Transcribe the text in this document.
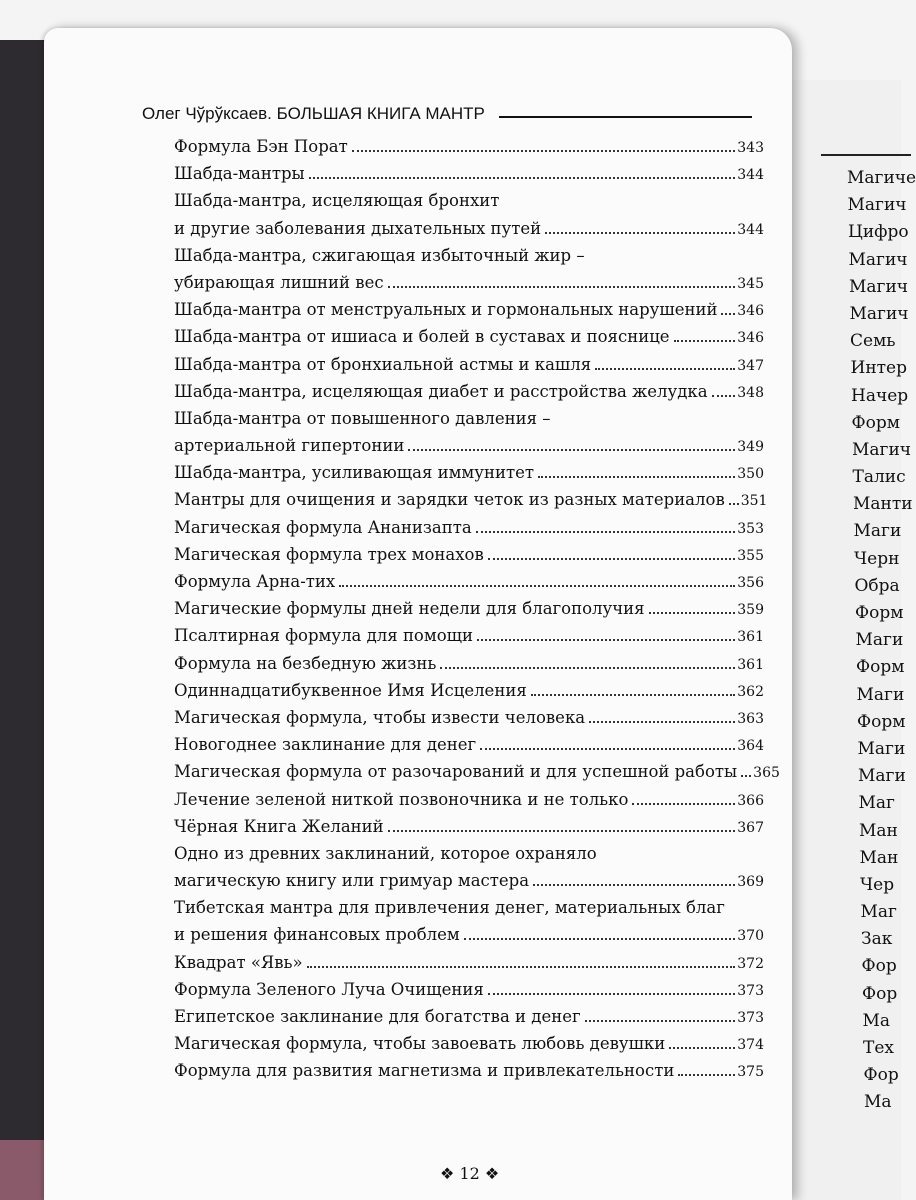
Магиче
Магич
Цифро
Магич
Магич
Магич
Семь
Интер
Начер
Форм
Магич
Талис
Манти
Маги
Черн
Обра
Форм
Маги
Форм
Маги
Форм
Маги
Маги
Маг
Ман
Ман
Чер
Маг
Зак
Фор
Фор
Ма
Тех
Фор
Ма
Олег Чўрўксаев. БОЛЬШАЯ КНИГА МАНТР
Формула Бэн Порат	343
Шабда-мантры	344
Шабда-мантра, исцеляющая бронхит
и другие заболевания дыхательных путей	344
Шабда-мантра, сжигающая избытoчный жир –
убирающая лишний вес	345
Шабда-мантра от менструальных и гормональных нарушений 346
Шабда-мантра от ишиаса и болей в суставах и пояснице	346
Шабда-мантра от бронхиальной астмы и кашля	347
Шабда-мантра, исцеляющая диабет и расстройства желудка 348
Шабда-мантра от повышенного давления –
артериальной гипертонии	349
Шабда-мантра, усиливающая иммунитет	350
Мантры для очищения и зарядки четок из разных материалов 351
Магическая формула Ананизапта	353
Магическая формула трех монахов	355
Формула Арна-тих	356
Магические формулы дней недели для благополучия	359
Псалтирная формула для помощи	361
Формула на безбедную жизнь	361
Одиннадцатибуквенное Имя Исцеления	362
Магическая формула, чтобы извести человека	363
Новогоднее заклинание для денег	364
Магическая формула от разочарований и для успешной работы 365
Лечение зеленой ниткой позвоночника и не только	366
Чёрная Книга Желаний	367
Одно из древних заклинаний, которое охраняло
магическую книгу или гримуар мастера	369
Тибетская мантра для привлечения денег, материальных благ
и решения финансовых проблем	370
Квадрат «Явь»	372
Формула Зеленого Луча Очищения	373
Египетское заклинание для богатства и денег	373
Магическая формула, чтобы завоевать любовь девушки	374
Формула для развития магнетизма и привлекательности	375
❖ 12 ❖
